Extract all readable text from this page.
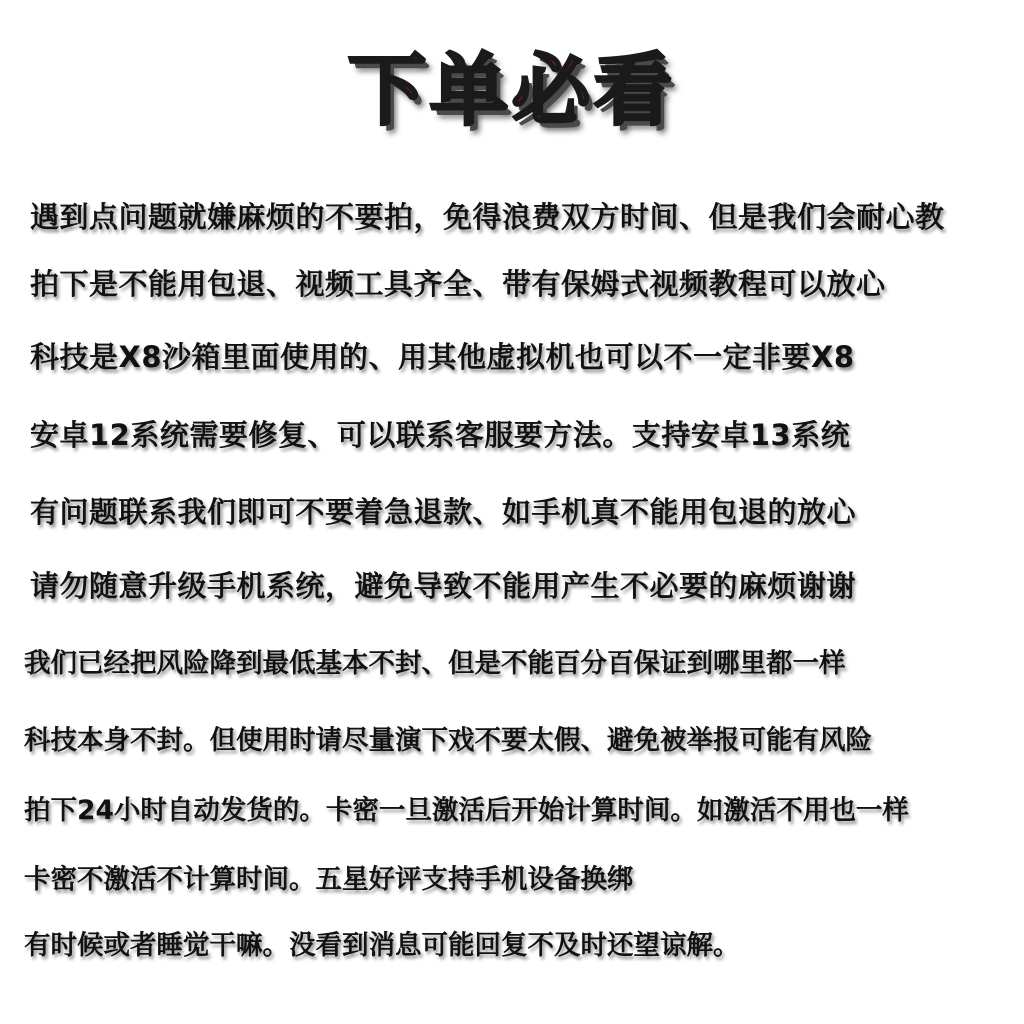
下单必看
遇到点问题就嫌麻烦的不要拍，免得浪费双方时间、但是我们会耐心教
拍下是不能用包退、视频工具齐全、带有保姆式视频教程可以放心
科技是X8沙箱里面使用的、用其他虚拟机也可以不一定非要X8
安卓12系统需要修复、可以联系客服要方法。支持安卓13系统
有问题联系我们即可不要着急退款、如手机真不能用包退的放心
请勿随意升级手机系统，避免导致不能用产生不必要的麻烦谢谢
我们已经把风险降到最低基本不封、但是不能百分百保证到哪里都一样
科技本身不封。但使用时请尽量演下戏不要太假、避免被举报可能有风险
拍下24小时自动发货的。卡密一旦激活后开始计算时间。如激活不用也一样
卡密不激活不计算时间。五星好评支持手机设备换绑
有时候或者睡觉干嘛。没看到消息可能回复不及时还望谅解。
